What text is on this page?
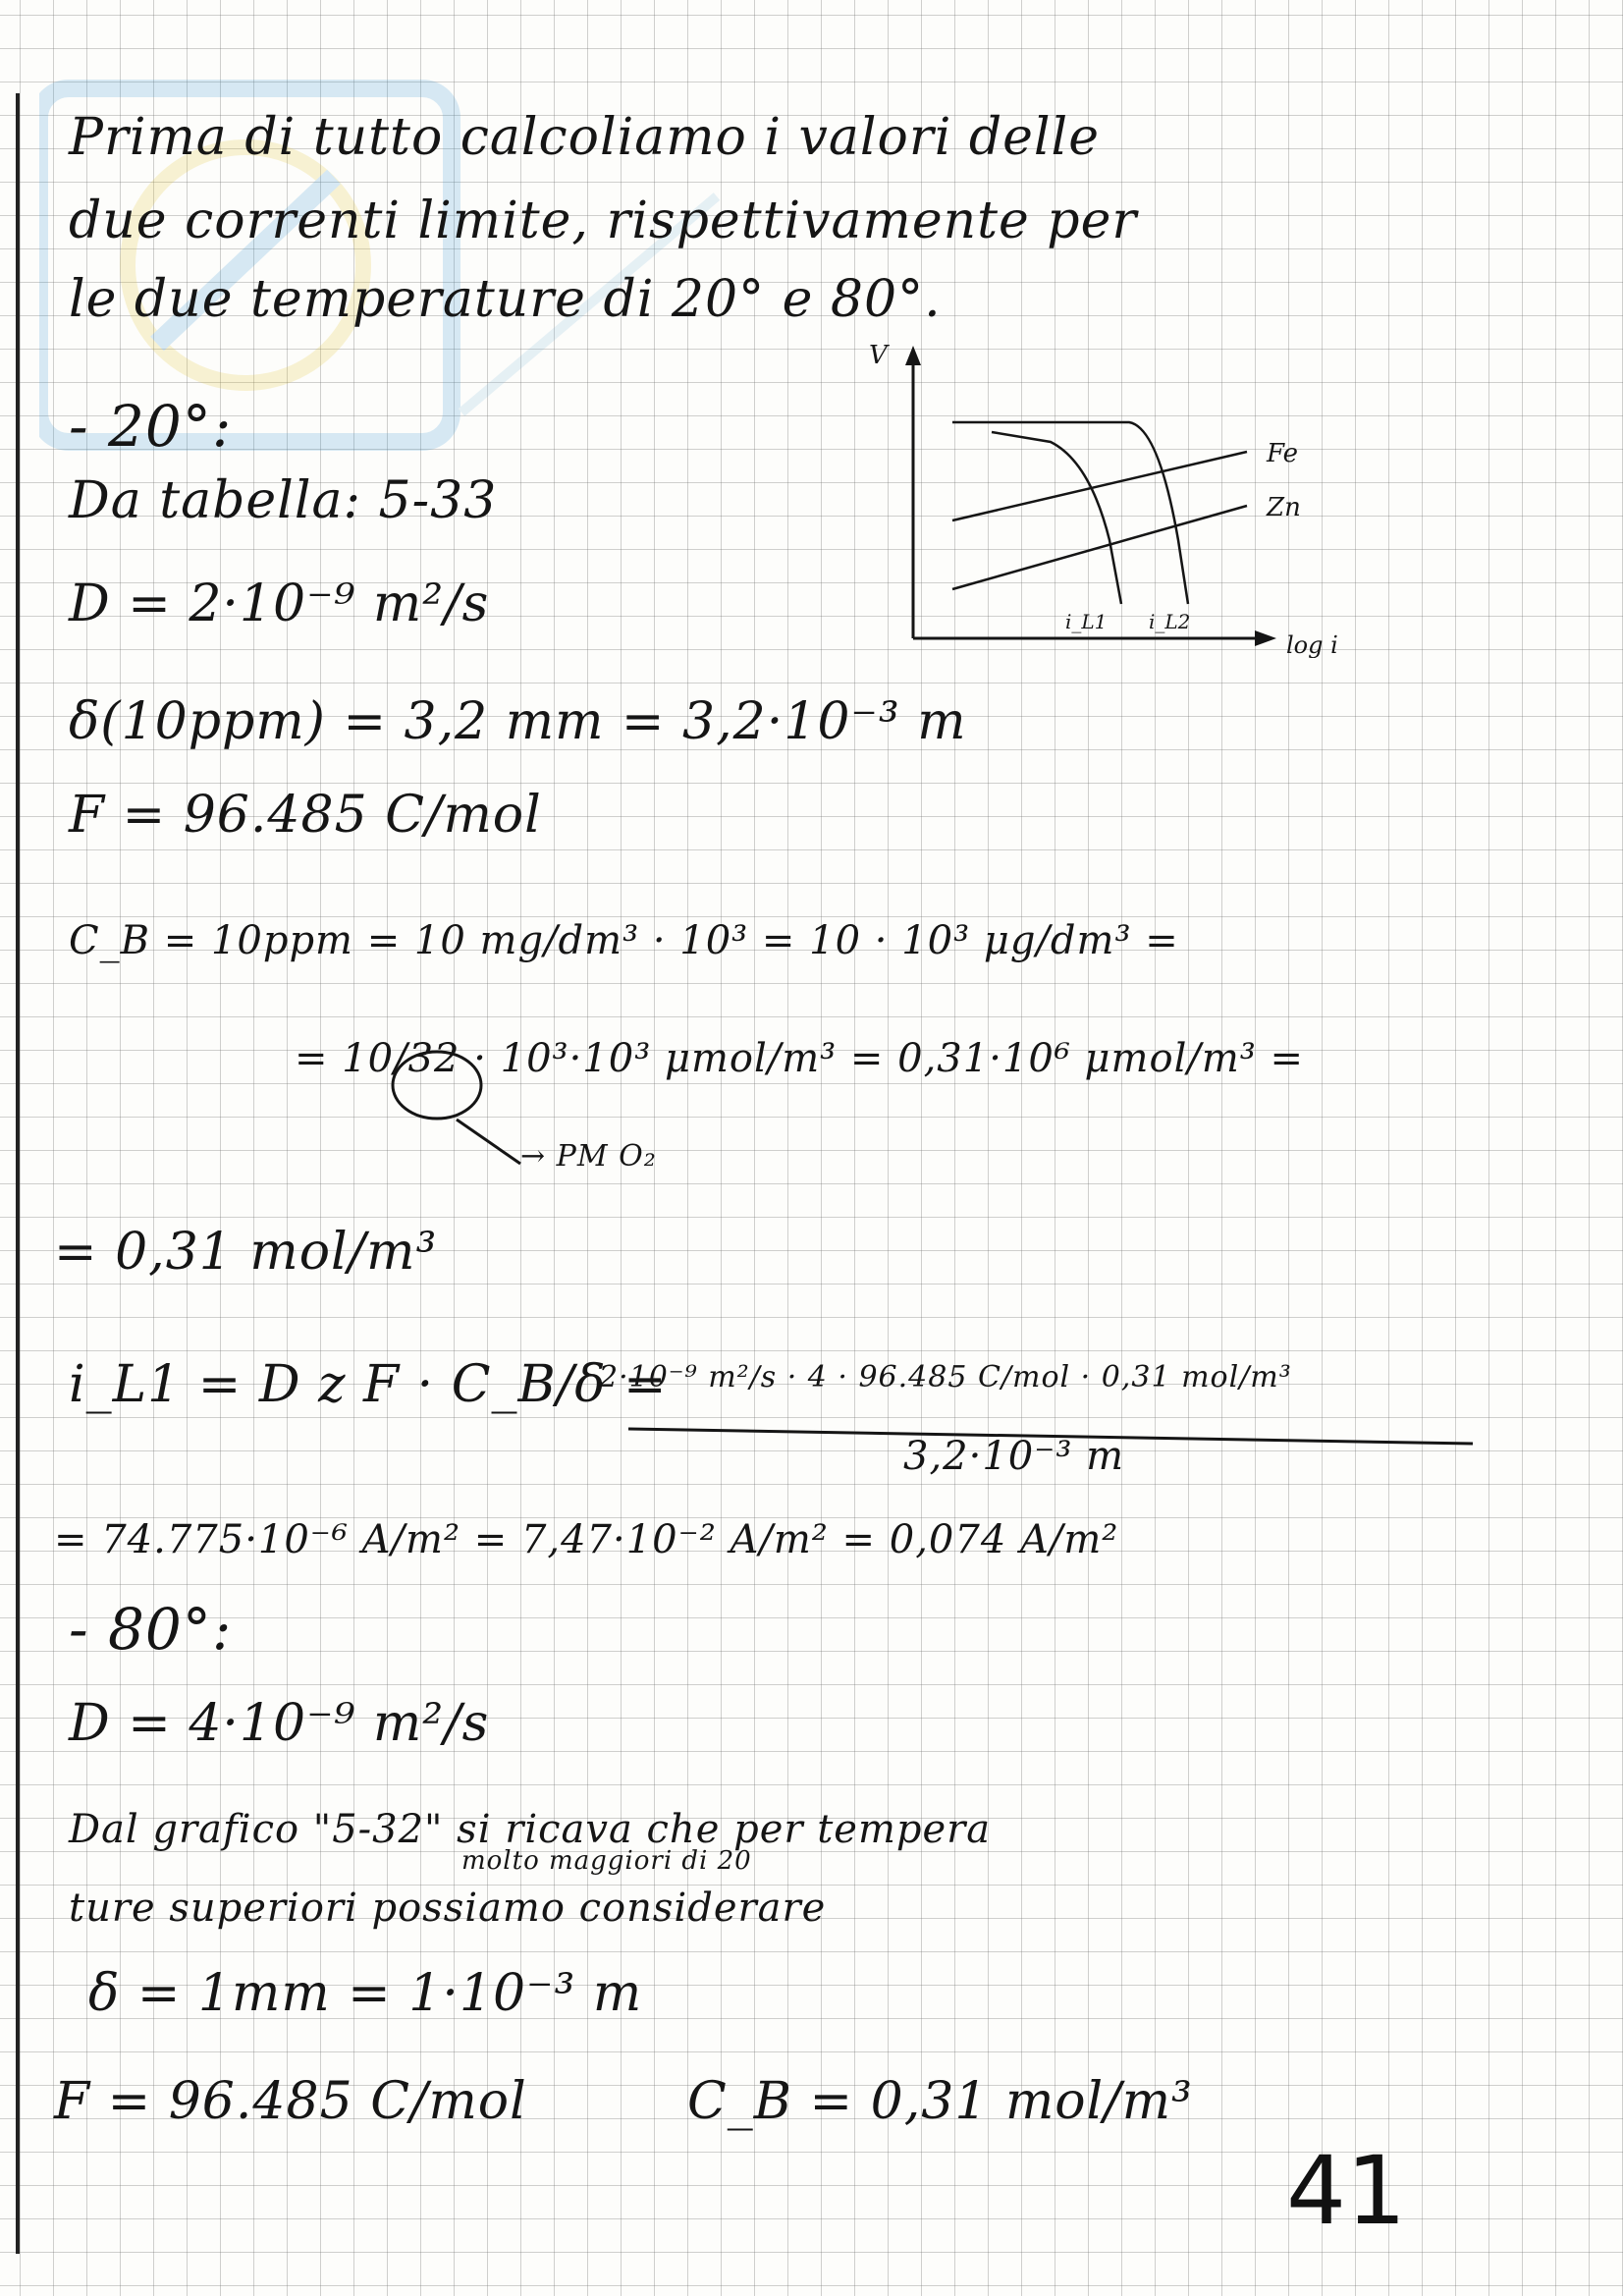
Prima di tutto calcoliamo i valori delle
due correnti limite, rispettivamente per
le due temperature di 20° e 80°.
- 20°:
Da tabella: 5-33
D = 2·10⁻⁹ m²/s
δ(10ppm) = 3,2 mm = 3,2·10⁻³ m
F = 96.485 C/mol
C_B = 10ppm = 10 mg/dm³ · 10³ = 10 · 10³ μg/dm³ =
= 10/32 · 10³·10³ μmol/m³ = 0,31·10⁶ μmol/m³ =
→ PM O₂
= 0,31 mol/m³
i_L1 = D z F · C_B/δ =
2·10⁻⁹ m²/s · 4 · 96.485 C/mol · 0,31 mol/m³
3,2·10⁻³ m
= 74.775·10⁻⁶ A/m² = 7,47·10⁻² A/m² = 0,074 A/m²
- 80°:
D = 4·10⁻⁹ m²/s
Dal grafico "5-32" si ricava che per tempera
molto maggiori di 20
ture superiori possiamo considerare
δ = 1mm = 1·10⁻³ m
F = 96.485 C/mol	C_B = 0,31 mol/m³
V
log i
Fe
Zn
i_L1 i_L2
41
